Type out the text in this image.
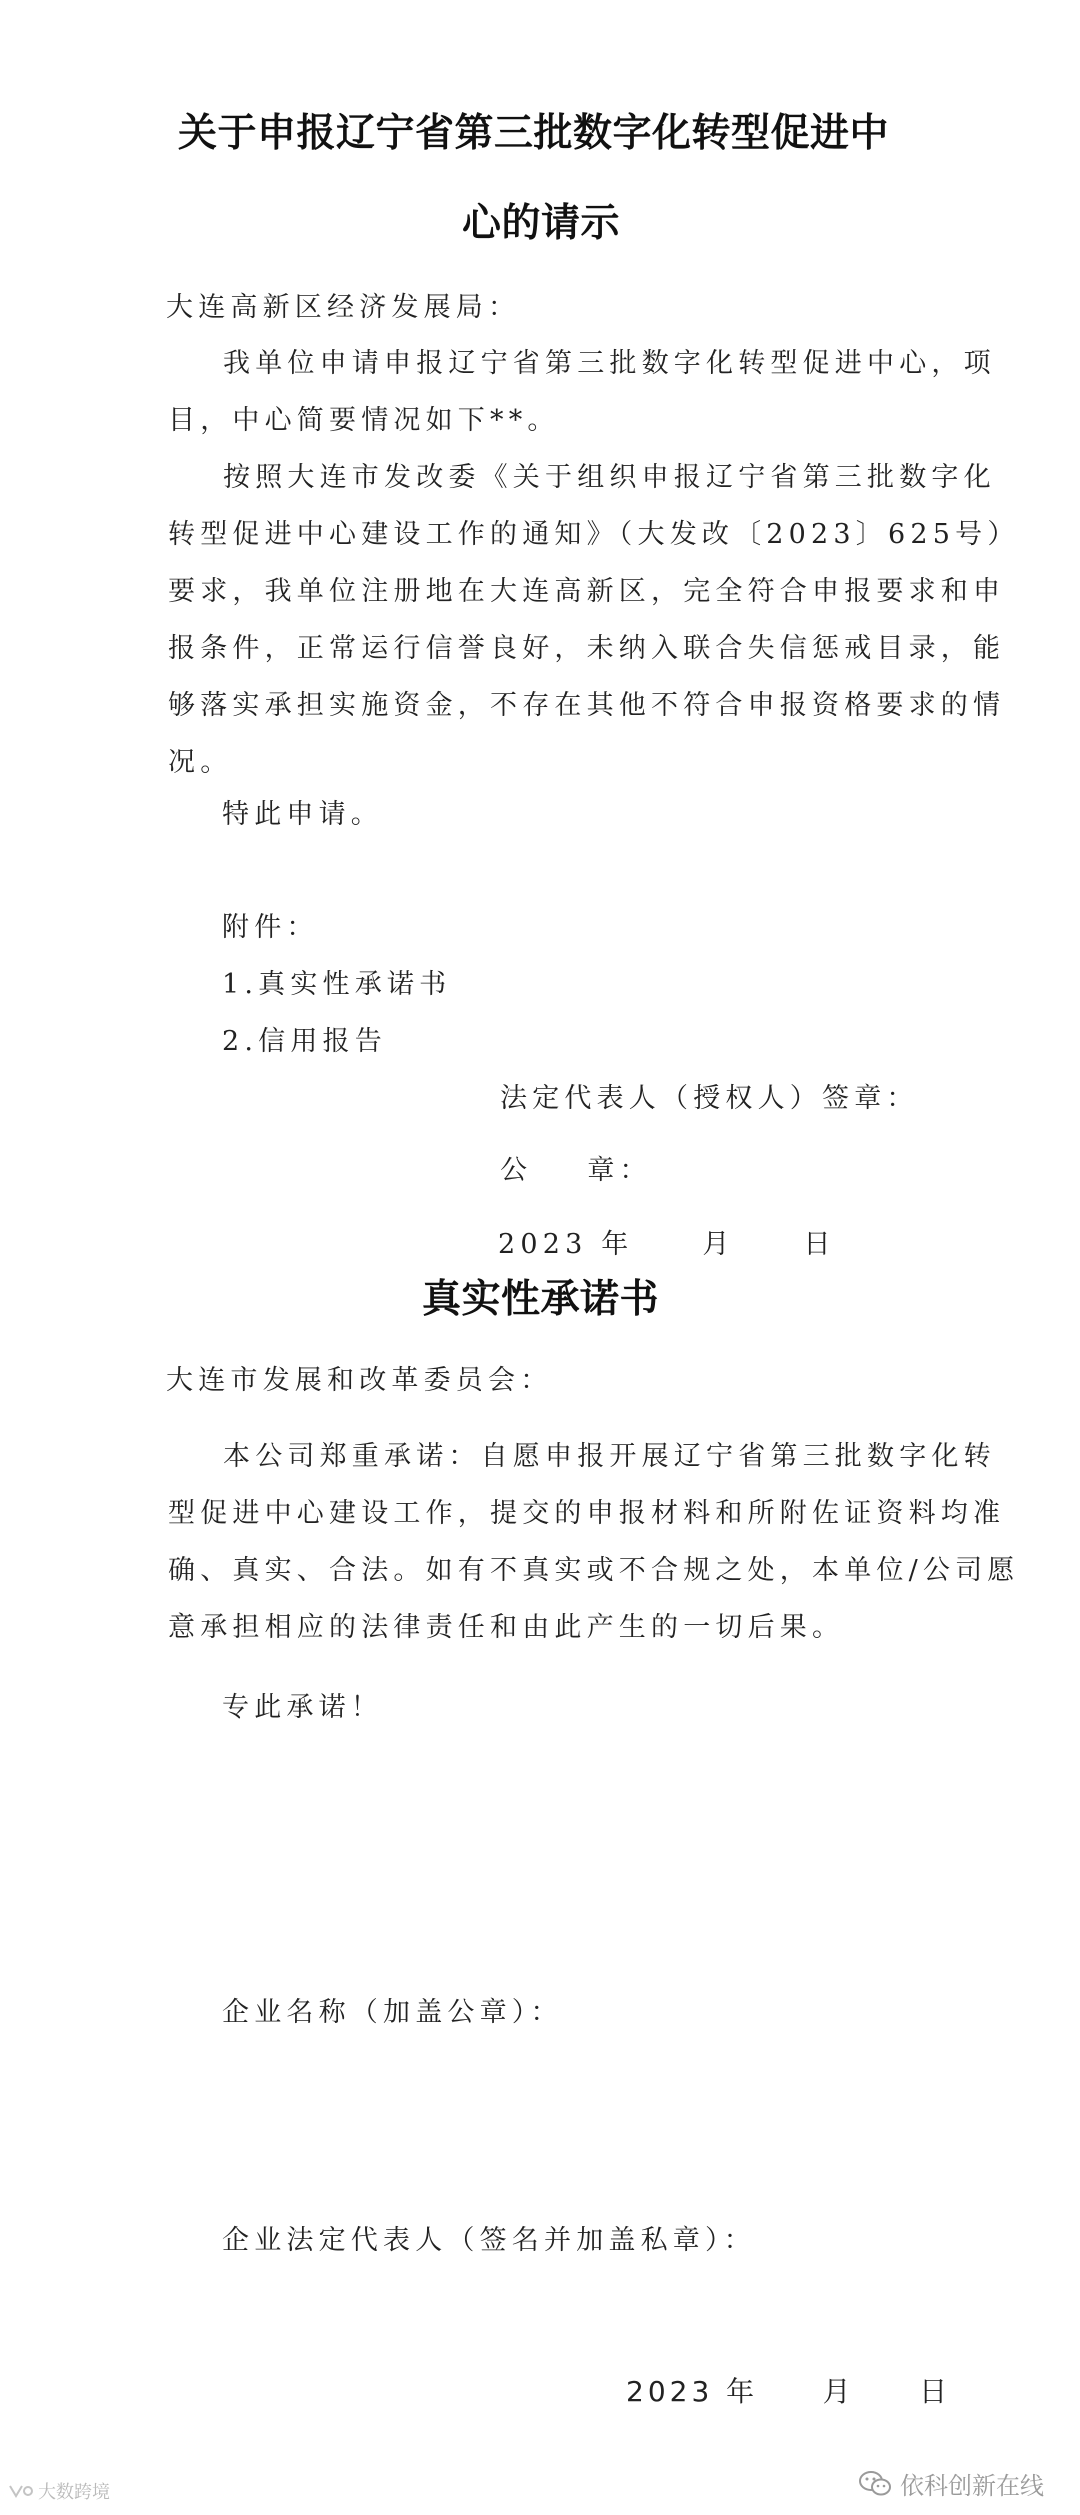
关于申报辽宁省第三批数字化转型促进中
心的请示
大连高新区经济发展局：

我单位申请申报辽宁省第三批数字化转型促进中心，项

目，中心简要情况如下**。

按照大连市发改委《关于组织申报辽宁省第三批数字化

转型促进中心建设工作的通知》（大发改〔2023〕625号）

要求，我单位注册地在大连高新区，完全符合申报要求和申

报条件，正常运行信誉良好，未纳入联合失信惩戒目录，能

够落实承担实施资金，不存在其他不符合申报资格要求的情

况。

特此申请。
附件：
1.真实性承诺书
2.信用报告
法定代表人（授权人）签章：
公    章：
2023 年     月     日
真实性承诺书
大连市发展和改革委员会：

本公司郑重承诺：自愿申报开展辽宁省第三批数字化转

型促进中心建设工作，提交的申报材料和所附佐证资料均准

确、真实、合法。如有不真实或不合规之处，本单位/公司愿

意承担相应的法律责任和由此产生的一切后果。

专此承诺！
企业名称（加盖公章）：
企业法定代表人（签名并加盖私章）：
2023 年     月     日
大数跨境	依科创新在线
